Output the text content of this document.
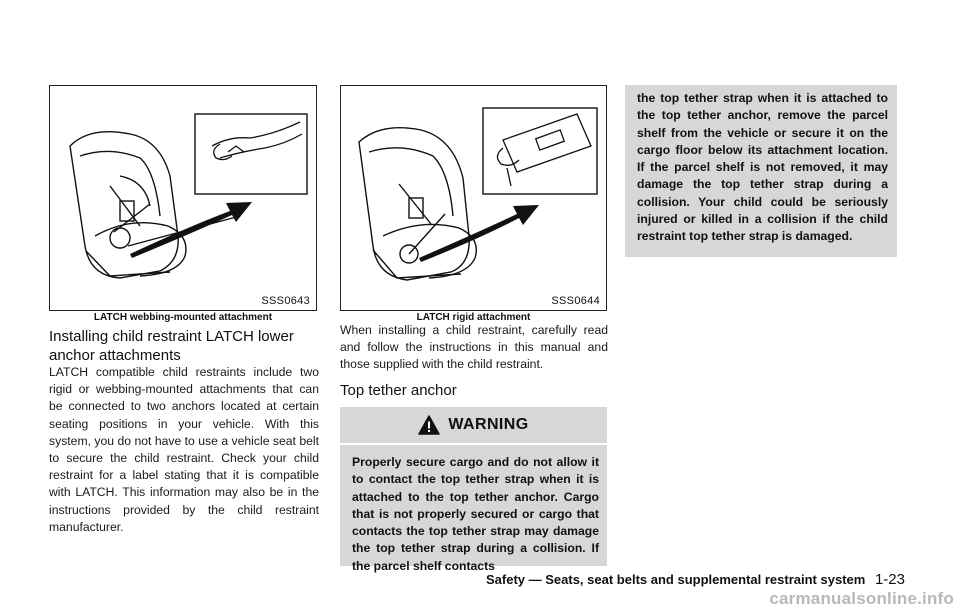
SSS0643
LATCH webbing-mounted attachment
SSS0644
LATCH rigid attachment
Installing child restraint LATCH lower anchor attachments

LATCH compatible child restraints include two rigid or webbing-mounted attachments that can be connected to two anchors located at certain seating positions in your vehicle. With this system, you do not have to use a vehicle seat belt to secure the child restraint. Check your child restraint for a label stating that it is compatible with LATCH. This information may also be in the instructions provided by the child restraint manufacturer.

When installing a child restraint, carefully read and follow the instructions in this manual and those supplied with the child restraint.

Top tether anchor
WARNING

Properly secure cargo and do not allow it to contact the top tether strap when it is attached to the top tether anchor. Cargo that is not properly secured or cargo that contacts the top tether strap may damage the top tether strap during a collision. If the parcel shelf contacts

the top tether strap when it is attached to the top tether anchor, remove the parcel shelf from the vehicle or secure it on the cargo floor below its attachment location. If the parcel shelf is not removed, it may damage the top tether strap during a collision. Your child could be seriously injured or killed in a collision if the child restraint top tether strap is damaged.

Safety — Seats, seat belts and supplemental restraint system 1-23
carmanualsonline.info
